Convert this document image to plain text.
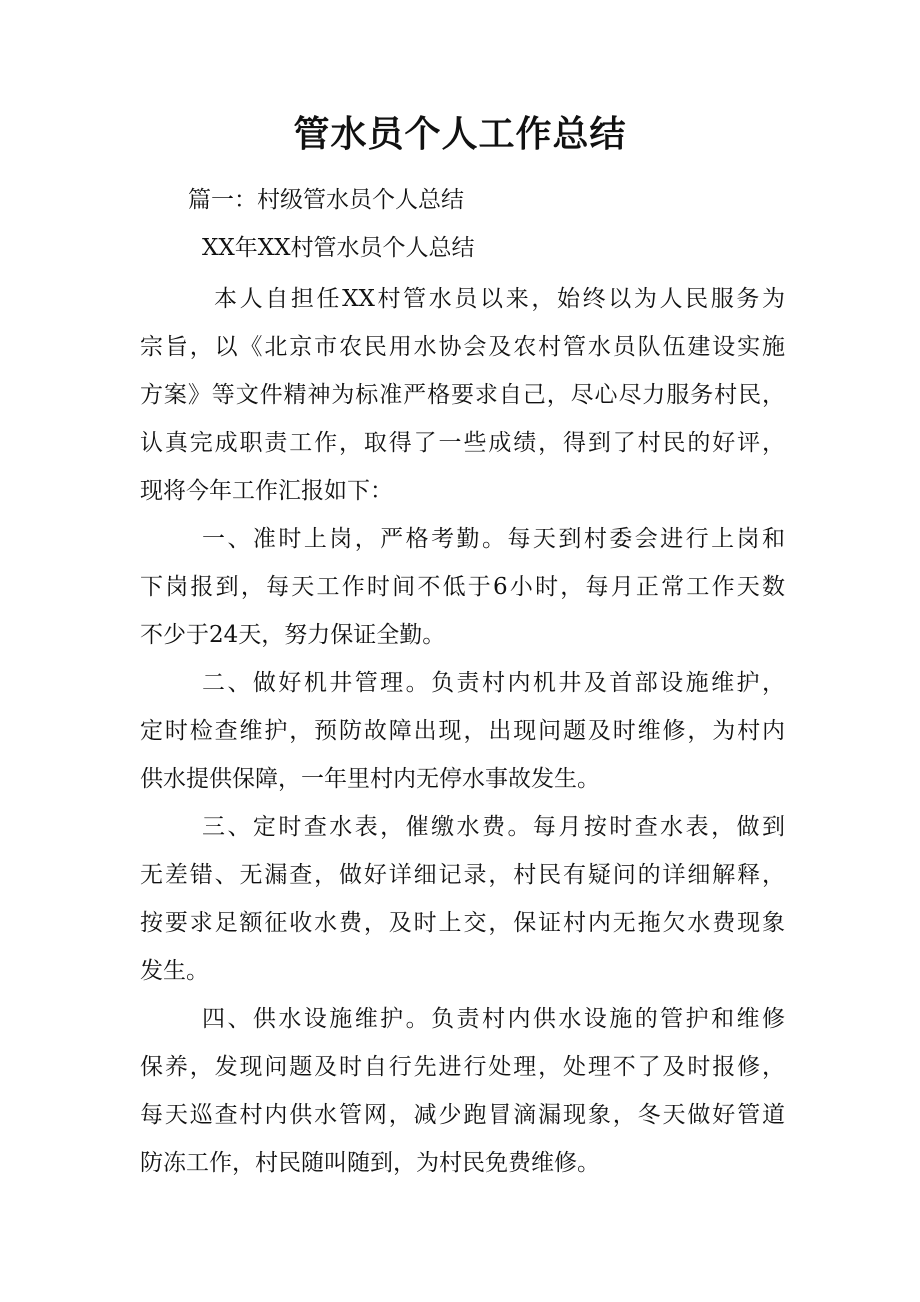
管水员个人工作总结
篇一：村级管水员个人总结
XX年XX村管水员个人总结
本人自担任XX村管水员以来，始终以为人民服务为
宗旨，以《北京市农民用水协会及农村管水员队伍建设实施
方案》等文件精神为标准严格要求自己，尽心尽力服务村民，
认真完成职责工作，取得了一些成绩，得到了村民的好评，
现将今年工作汇报如下：
一、准时上岗，严格考勤。每天到村委会进行上岗和
下岗报到，每天工作时间不低于6小时，每月正常工作天数
不少于24天，努力保证全勤。
二、做好机井管理。负责村内机井及首部设施维护，
定时检查维护，预防故障出现，出现问题及时维修，为村内
供水提供保障，一年里村内无停水事故发生。
三、定时查水表，催缴水费。每月按时查水表，做到
无差错、无漏查，做好详细记录，村民有疑问的详细解释，
按要求足额征收水费，及时上交，保证村内无拖欠水费现象
发生。
四、供水设施维护。负责村内供水设施的管护和维修
保养，发现问题及时自行先进行处理，处理不了及时报修，
每天巡查村内供水管网，减少跑冒滴漏现象，冬天做好管道
防冻工作，村民随叫随到，为村民免费维修。
